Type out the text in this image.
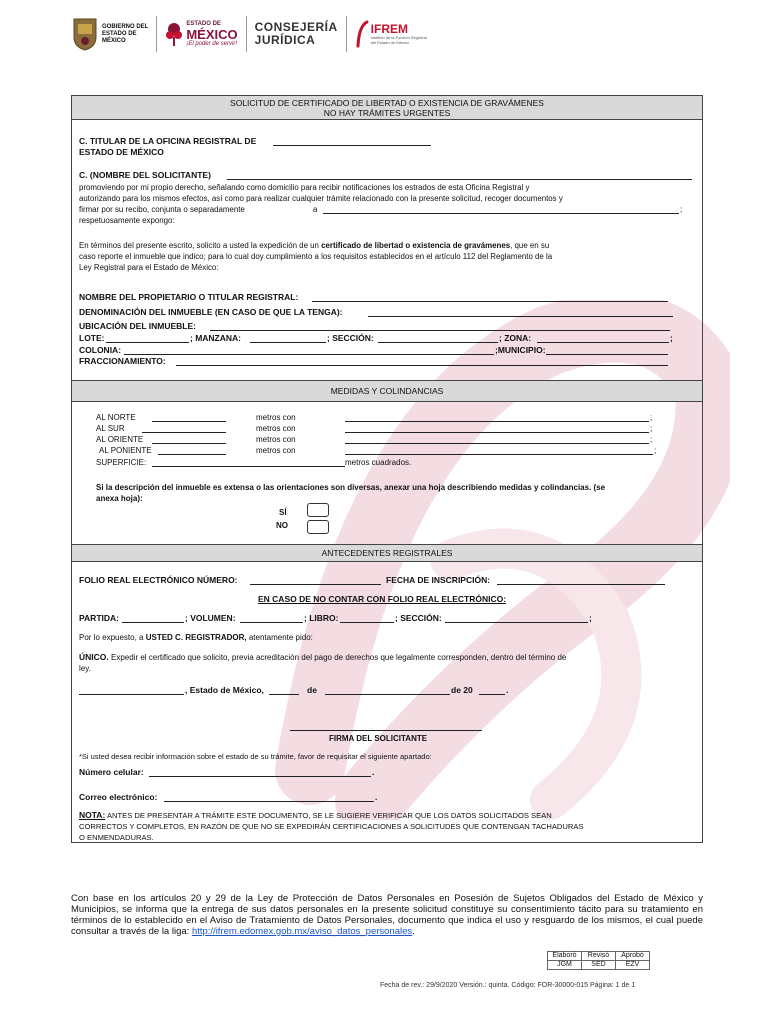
GOBIERNO DEL
ESTADO DE
MÉXICO
ESTADO DE
MÉXICO
¡El poder de servir!
CONSEJERÍA
JURÍDICA
IFREM
Instituto de la Función Registral del Estado de México
SOLICITUD DE CERTIFICADO DE LIBERTAD O EXISTENCIA DE GRAVÁMENES
NO HAY TRÁMITES URGENTES
C. TITULAR DE LA OFICINA REGISTRAL DE
ESTADO DE MÉXICO
C. (NOMBRE DEL SOLICITANTE)
promoviendo por mi propio derecho, señalando como domicilio para recibir notificaciones los estrados de esta Oficina Registral y
autorizando para los mismos efectos, así como para realizar cualquier trámite relacionado con la presente solicitud, recoger documentos y
firmar por su recibo, conjunta o separadamente	a	;
respetuosamente expongo:
En términos del presente escrito, solicito a usted la expedición de un certificado de libertad o existencia de gravámenes, que en su
caso reporte el inmueble que indico; para lo cual doy cumplimiento a los requisitos establecidos en el artículo 112 del Reglamento de la
Ley Registral para el Estado de México:
NOMBRE DEL PROPIETARIO O TITULAR REGISTRAL:
DENOMINACIÓN DEL INMUEBLE (EN CASO DE QUE LA TENGA):
UBICACIÓN DEL INMUEBLE:
LOTE:	; MANZANA:	; SECCIÓN:	; ZONA:	;
COLONIA:	;MUNICIPIO:
FRACCIONAMIENTO:
MEDIDAS Y COLINDANCIAS
AL NORTE	metros con	;
AL SUR	metros con	;
AL ORIENTE	metros con	;
AL PONIENTE	metros con	;
SUPERFICIE:	metros cuadrados.
Si la descripción del inmueble es extensa o las orientaciones son diversas, anexar una hoja describiendo medidas y colindancias. (se
anexa hoja):
SÍ
NO
ANTECEDENTES REGISTRALES
FOLIO REAL ELECTRÓNICO NÚMERO:	FECHA DE INSCRIPCIÓN:
EN CASO DE NO CONTAR CON FOLIO REAL ELECTRÓNICO:
PARTIDA:	; VOLUMEN:	; LIBRO:	; SECCIÓN:	;
Por lo expuesto, a USTED C. REGISTRADOR, atentamente pido:
ÚNICO. Expedir el certificado que solicito, previa acreditación del pago de derechos que legalmente corresponden, dentro del término de
ley.
, Estado de México,	de	de 20	.
FIRMA DEL SOLICITANTE
*Si usted desea recibir información sobre el estado de su trámite, favor de requisitar el siguiente apartado:
Número celular:	.
Correo electrónico:	.
NOTA: ANTES DE PRESENTAR A TRÁMITE ESTE DOCUMENTO, SE LE SUGIERE VERIFICAR QUE LOS DATOS SOLICITADOS SEAN
CORRECTOS Y COMPLETOS, EN RAZÓN DE QUE NO SE EXPEDIRÁN CERTIFICACIONES A SOLICITUDES QUE CONTENGAN TACHADURAS
O ENMENDADURAS.
Con base en los artículos 20 y 29 de la Ley de Protección de Datos Personales en Posesión de Sujetos Obligados del Estado de México y Municipios, se informa que la entrega de sus datos personales en la presente solicitud constituye su consentimiento tácito para su tratamiento en términos de lo establecido en el Aviso de Tratamiento de Datos Personales, documento que indica el uso y resguardo de los mismos, el cual puede consultar a través de la liga: http://ifrem.edomex.gob.mx/aviso_datos_personales.
Elaboró	Revisó	Aprobó
JGM	SED	EZV
Fecha de rev.: 29/9/2020 Versión.: quinta. Código: FOR-30000-015 Página: 1 de 1
